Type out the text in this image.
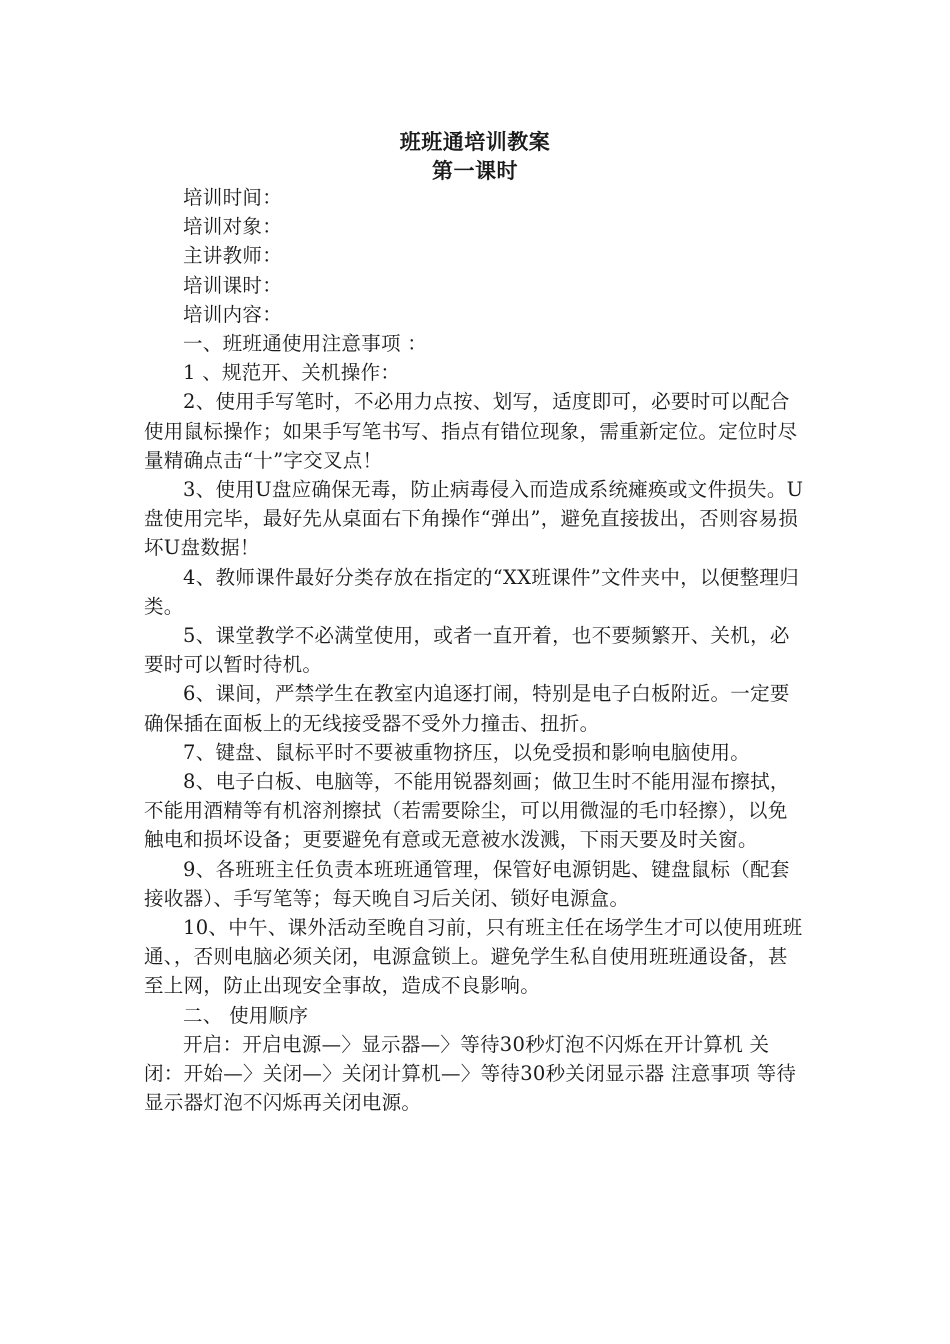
班班通培训教案
第一课时

培训时间：

培训对象：

主讲教师：

培训课时：

培训内容：

一、班班通使用注意事项 ：

1 、规范开、关机操作：

2、使用手写笔时，不必用力点按、划写，适度即可，必要时可以配合使用鼠标操作；如果手写笔书写、指点有错位现象，需重新定位。定位时尽量精确点击“十”字交叉点！

3、使用U盘应确保无毒，防止病毒侵入而造成系统瘫痪或文件损失。U盘使用完毕，最好先从桌面右下角操作“弹出”，避免直接拔出，否则容易损坏U盘数据！

4、教师课件最好分类存放在指定的“XX班课件”文件夹中，以便整理归类。

5、课堂教学不必满堂使用，或者一直开着，也不要频繁开、关机，必要时可以暂时待机。

6、课间，严禁学生在教室内追逐打闹，特别是电子白板附近。一定要确保插在面板上的无线接受器不受外力撞击、扭折。

7、键盘、鼠标平时不要被重物挤压，以免受损和影响电脑使用。

8、电子白板、电脑等，不能用锐器刻画；做卫生时不能用湿布擦拭，不能用酒精等有机溶剂擦拭（若需要除尘，可以用微湿的毛巾轻擦），以免触电和损坏设备；更要避免有意或无意被水泼溅，下雨天要及时关窗。

9、各班班主任负责本班班通管理，保管好电源钥匙、键盘鼠标（配套接收器）、手写笔等；每天晚自习后关闭、锁好电源盒。

10、中午、课外活动至晚自习前，只有班主任在场学生才可以使用班班通、，否则电脑必须关闭，电源盒锁上。避免学生私自使用班班通设备，甚至上网，防止出现安全事故，造成不良影响。

二、 使用顺序

开启：开启电源—〉显示器—〉等待30秒灯泡不闪烁在开计算机 关闭：开始—〉关闭—〉关闭计算机—〉等待30秒关闭显示器 注意事项 等待显示器灯泡不闪烁再关闭电源。
